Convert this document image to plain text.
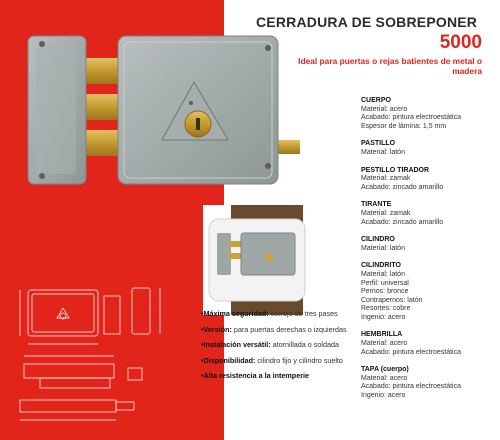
CERRADURA DE SOBREPONER
5000
Ideal para puertas o rejas batientes de metal o madera
CUERPO
Material: acero
Acabado: pintura electroestática
Espesor de lámina: 1,5 mm
PASTILLO
Material: latón
PESTILLO TIRADOR
Material: zamak
Acabado: zincado amarillo
TIRANTE
Material: zamak
Acabado: zincado amarillo
CILINDRO
Material: latón
CILINDRITO
Material: latón
Perfil: universal
Pernos: bronce
Contrapernos: latón
Resortes: cobre
Ingenio: acero
HEMBRILLA
Material: acero
Acabado: pintura electroestática
TAPA (cuerpo)
Material: acero
Acabado: pintura electroestática
Ingenio: acero
•Máxima seguridad: cerrojo de tres pases
•Versión: para puertas derechas o izquierdas
•Instalación versátil: atornillada o soldada
•Disponibilidad: cilindro fijo y cilindro suelto
•Alta resistencia a la intemperie
